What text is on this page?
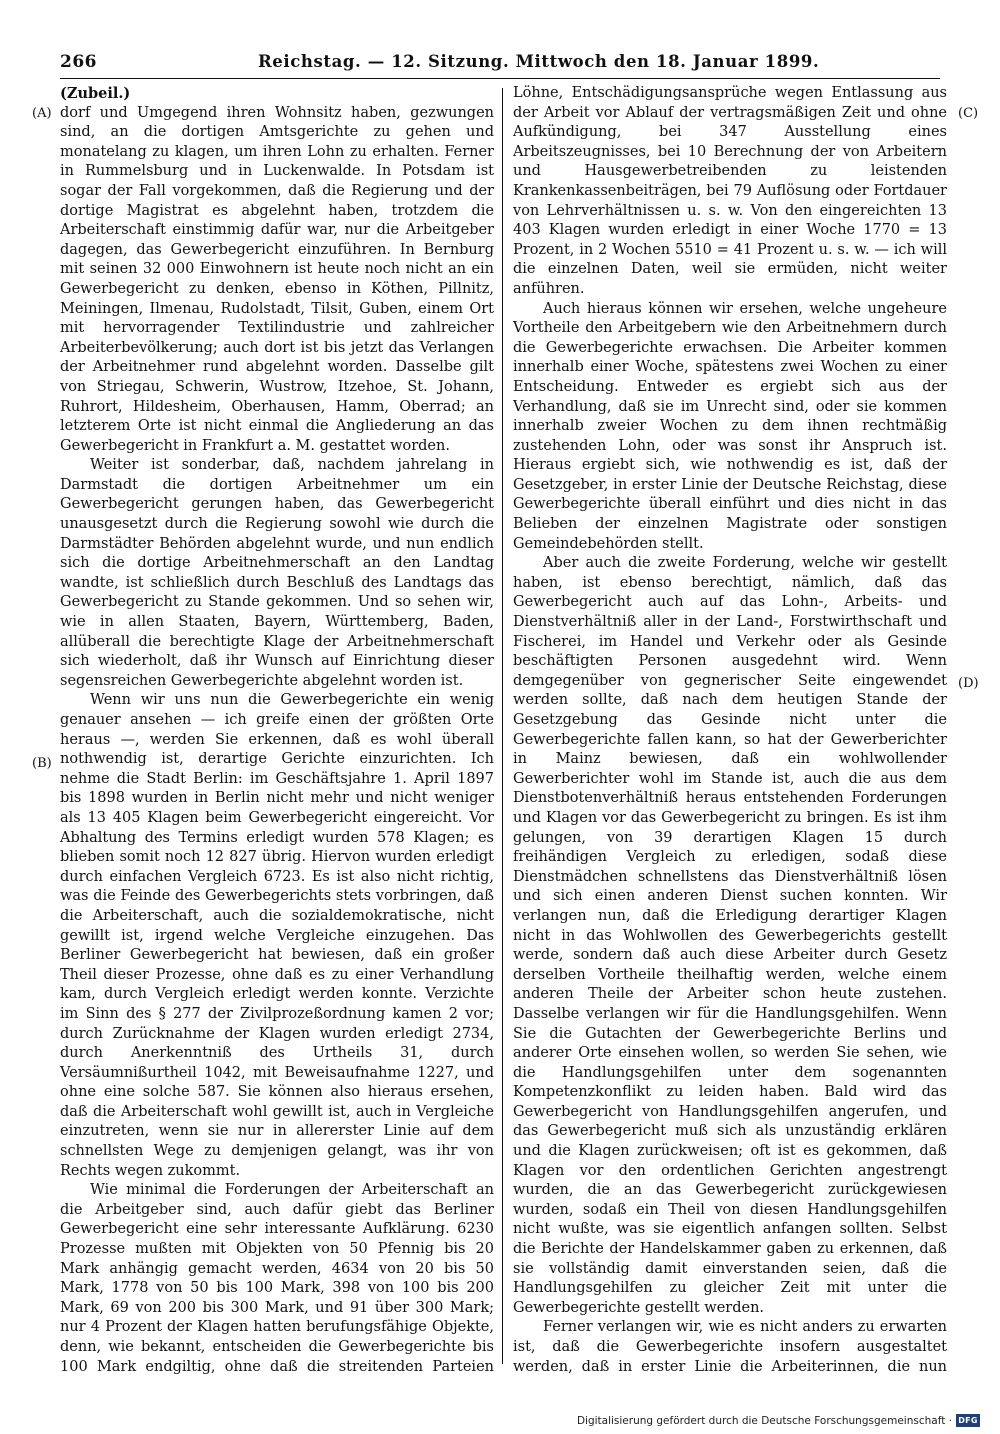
266	Reichstag. — 12. Sitzung. Mittwoch den 18. Januar 1899.
(Zubeil.)

dorf und Umgegend ihren Wohnsitz haben, gezwungen sind, an die dortigen Amtsgerichte zu gehen und monatelang zu klagen, um ihren Lohn zu erhalten. Ferner in Rummelsburg und in Luckenwalde. In Potsdam ist sogar der Fall vorgekommen, daß die Regierung und der dortige Magistrat es abgelehnt haben, trotzdem die Arbeiterschaft einstimmig dafür war, nur die Arbeitgeber dagegen, das Gewerbegericht einzuführen. In Bernburg mit seinen 32 000 Einwohnern ist heute noch nicht an ein Gewerbegericht zu denken, ebenso in Köthen, Pillnitz, Meiningen, Ilmenau, Rudolstadt, Tilsit, Guben, einem Ort mit hervorragender Textilindustrie und zahlreicher Arbeiterbevölkerung; auch dort ist bis jetzt das Verlangen der Arbeitnehmer rund abgelehnt worden. Dasselbe gilt von Striegau, Schwerin, Wustrow, Itzehoe, St. Johann, Ruhrort, Hildesheim, Oberhausen, Hamm, Oberrad; an letzterem Orte ist nicht einmal die Angliederung an das Gewerbegericht in Frankfurt a. M. gestattet worden.

Weiter ist sonderbar, daß, nachdem jahrelang in Darmstadt die dortigen Arbeitnehmer um ein Gewerbegericht gerungen haben, das Gewerbegericht unausgesetzt durch die Regierung sowohl wie durch die Darmstädter Behörden abgelehnt wurde, und nun endlich sich die dortige Arbeitnehmerschaft an den Landtag wandte, ist schließlich durch Beschluß des Landtags das Gewerbegericht zu Stande gekommen. Und so sehen wir, wie in allen Staaten, Bayern, Württemberg, Baden, allüberall die berechtigte Klage der Arbeitnehmerschaft sich wiederholt, daß ihr Wunsch auf Einrichtung dieser segensreichen Gewerbegerichte abgelehnt worden ist.

Wenn wir uns nun die Gewerbegerichte ein wenig genauer ansehen — ich greife einen der größten Orte heraus —, werden Sie erkennen, daß es wohl überall nothwendig ist, derartige Gerichte einzurichten. Ich nehme die Stadt Berlin: im Geschäftsjahre 1. April 1897 bis 1898 wurden in Berlin nicht mehr und nicht weniger als 13 405 Klagen beim Gewerbegericht eingereicht. Vor Abhaltung des Termins erledigt wurden 578 Klagen; es blieben somit noch 12 827 übrig. Hiervon wurden erledigt durch einfachen Vergleich 6723. Es ist also nicht richtig, was die Feinde des Gewerbegerichts stets vorbringen, daß die Arbeiterschaft, auch die sozialdemokratische, nicht gewillt ist, irgend welche Vergleiche einzugehen. Das Berliner Gewerbegericht hat bewiesen, daß ein großer Theil dieser Prozesse, ohne daß es zu einer Verhandlung kam, durch Vergleich erledigt werden konnte. Verzichte im Sinn des § 277 der Zivilprozeßordnung kamen 2 vor; durch Zurücknahme der Klagen wurden erledigt 2734, durch Anerkenntniß des Urtheils 31, durch Versäumnißurtheil 1042, mit Beweisaufnahme 1227, und ohne eine solche 587. Sie können also hieraus ersehen, daß die Arbeiterschaft wohl gewillt ist, auch in Vergleiche einzutreten, wenn sie nur in allererster Linie auf dem schnellsten Wege zu demjenigen gelangt, was ihr von Rechts wegen zukommt.

Wie minimal die Forderungen der Arbeiterschaft an die Arbeitgeber sind, auch dafür giebt das Berliner Gewerbegericht eine sehr interessante Aufklärung. 6230 Prozesse mußten mit Objekten von 50 Pfennig bis 20 Mark anhängig gemacht werden, 4634 von 20 bis 50 Mark, 1778 von 50 bis 100 Mark, 398 von 100 bis 200 Mark, 69 von 200 bis 300 Mark, und 91 über 300 Mark; nur 4 Prozent der Klagen hatten berufungsfähige Objekte, denn, wie bekannt, entscheiden die Gewerbegerichte bis 100 Mark endgiltig, ohne daß die streitenden Parteien

Löhne, Entschädigungsansprüche wegen Entlassung aus der Arbeit vor Ablauf der vertragsmäßigen Zeit und ohne Aufkündigung, bei 347 Ausstellung eines Arbeitszeugnisses, bei 10 Berechnung der von Arbeitern und Hausgewerbetreibenden zu leistenden Krankenkassenbeiträgen, bei 79 Auflösung oder Fortdauer von Lehrverhältnissen u. s. w. Von den eingereichten 13 403 Klagen wurden erledigt in einer Woche 1770 = 13 Prozent, in 2 Wochen 5510 = 41 Prozent u. s. w. — ich will die einzelnen Daten, weil sie ermüden, nicht weiter anführen.

Auch hieraus können wir ersehen, welche ungeheure Vortheile den Arbeitgebern wie den Arbeitnehmern durch die Gewerbegerichte erwachsen. Die Arbeiter kommen innerhalb einer Woche, spätestens zwei Wochen zu einer Entscheidung. Entweder es ergiebt sich aus der Verhandlung, daß sie im Unrecht sind, oder sie kommen innerhalb zweier Wochen zu dem ihnen rechtmäßig zustehenden Lohn, oder was sonst ihr Anspruch ist. Hieraus ergiebt sich, wie nothwendig es ist, daß der Gesetzgeber, in erster Linie der Deutsche Reichstag, diese Gewerbegerichte überall einführt und dies nicht in das Belieben der einzelnen Magistrate oder sonstigen Gemeindebehörden stellt.

Aber auch die zweite Forderung, welche wir gestellt haben, ist ebenso berechtigt, nämlich, daß das Gewerbegericht auch auf das Lohn-, Arbeits- und Dienstverhältniß aller in der Land-, Forstwirthschaft und Fischerei, im Handel und Verkehr oder als Gesinde beschäftigten Personen ausgedehnt wird. Wenn demgegenüber von gegnerischer Seite eingewendet werden sollte, daß nach dem heutigen Stande der Gesetzgebung das Gesinde nicht unter die Gewerbegerichte fallen kann, so hat der Gewerberichter in Mainz bewiesen, daß ein wohlwollender Gewerberichter wohl im Stande ist, auch die aus dem Dienstbotenverhältniß heraus entstehenden Forderungen und Klagen vor das Gewerbegericht zu bringen. Es ist ihm gelungen, von 39 derartigen Klagen 15 durch freihändigen Vergleich zu erledigen, sodaß diese Dienstmädchen schnellstens das Dienstverhältniß lösen und sich einen anderen Dienst suchen konnten. Wir verlangen nun, daß die Erledigung derartiger Klagen nicht in das Wohlwollen des Gewerbegerichts gestellt werde, sondern daß auch diese Arbeiter durch Gesetz derselben Vortheile theilhaftig werden, welche einem anderen Theile der Arbeiter schon heute zustehen. Dasselbe verlangen wir für die Handlungsgehilfen. Wenn Sie die Gutachten der Gewerbegerichte Berlins und anderer Orte einsehen wollen, so werden Sie sehen, wie die Handlungsgehilfen unter dem sogenannten Kompetenzkonflikt zu leiden haben. Bald wird das Gewerbegericht von Handlungsgehilfen angerufen, und das Gewerbegericht muß sich als unzuständig erklären und die Klagen zurückweisen; oft ist es gekommen, daß Klagen vor den ordentlichen Gerichten angestrengt wurden, die an das Gewerbegericht zurückgewiesen wurden, sodaß ein Theil von diesen Handlungsgehilfen nicht wußte, was sie eigentlich anfangen sollten. Selbst die Berichte der Handelskammer gaben zu erkennen, daß sie vollständig damit einverstanden seien, daß die Handlungsgehilfen zu gleicher Zeit mit unter die Gewerbegerichte gestellt werden.

Ferner verlangen wir, wie es nicht anders zu erwarten ist, daß die Gewerbegerichte insofern ausgestaltet werden, daß in erster Linie die Arbeiterinnen, die nun

(A)
(B)
(C)
(D)
Digitalisierung gefördert durch die Deutsche Forschungsgemeinschaft · DFG
